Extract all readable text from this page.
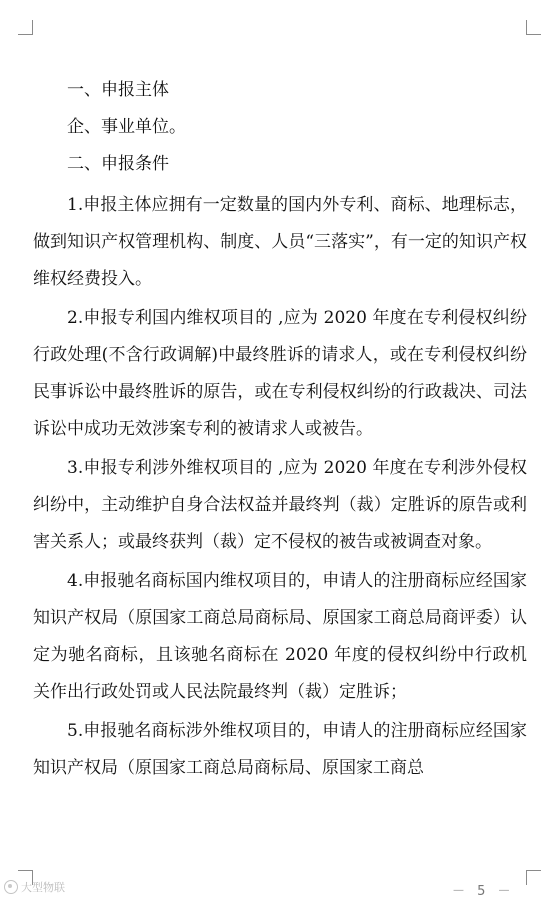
一、申报主体

企、事业单位。

二、申报条件

1.申报主体应拥有一定数量的国内外专利、商标、地理标志，做到知识产权管理机构、制度、人员“三落实”，有一定的知识产权维权经费投入。

2.申报专利国内维权项目的 ,应为 2020 年度在专利侵权纠纷行政处理(不含行政调解)中最终胜诉的请求人，或在专利侵权纠纷民事诉讼中最终胜诉的原告，或在专利侵权纠纷的行政裁决、司法诉讼中成功无效涉案专利的被请求人或被告。

3.申报专利涉外维权项目的 ,应为 2020 年度在专利涉外侵权纠纷中，主动维护自身合法权益并最终判（裁）定胜诉的原告或利害关系人；或最终获判（裁）定不侵权的被告或被调查对象。

4.申报驰名商标国内维权项目的，申请人的注册商标应经国家知识产权局（原国家工商总局商标局、原国家工商总局商评委）认定为驰名商标，且该驰名商标在 2020 年度的侵权纠纷中行政机关作出行政处罚或人民法院最终判（裁）定胜诉；

5.申报驰名商标涉外维权项目的，申请人的注册商标应经国家知识产权局（原国家工商总局商标局、原国家工商总

大型物联	－ 5 －
